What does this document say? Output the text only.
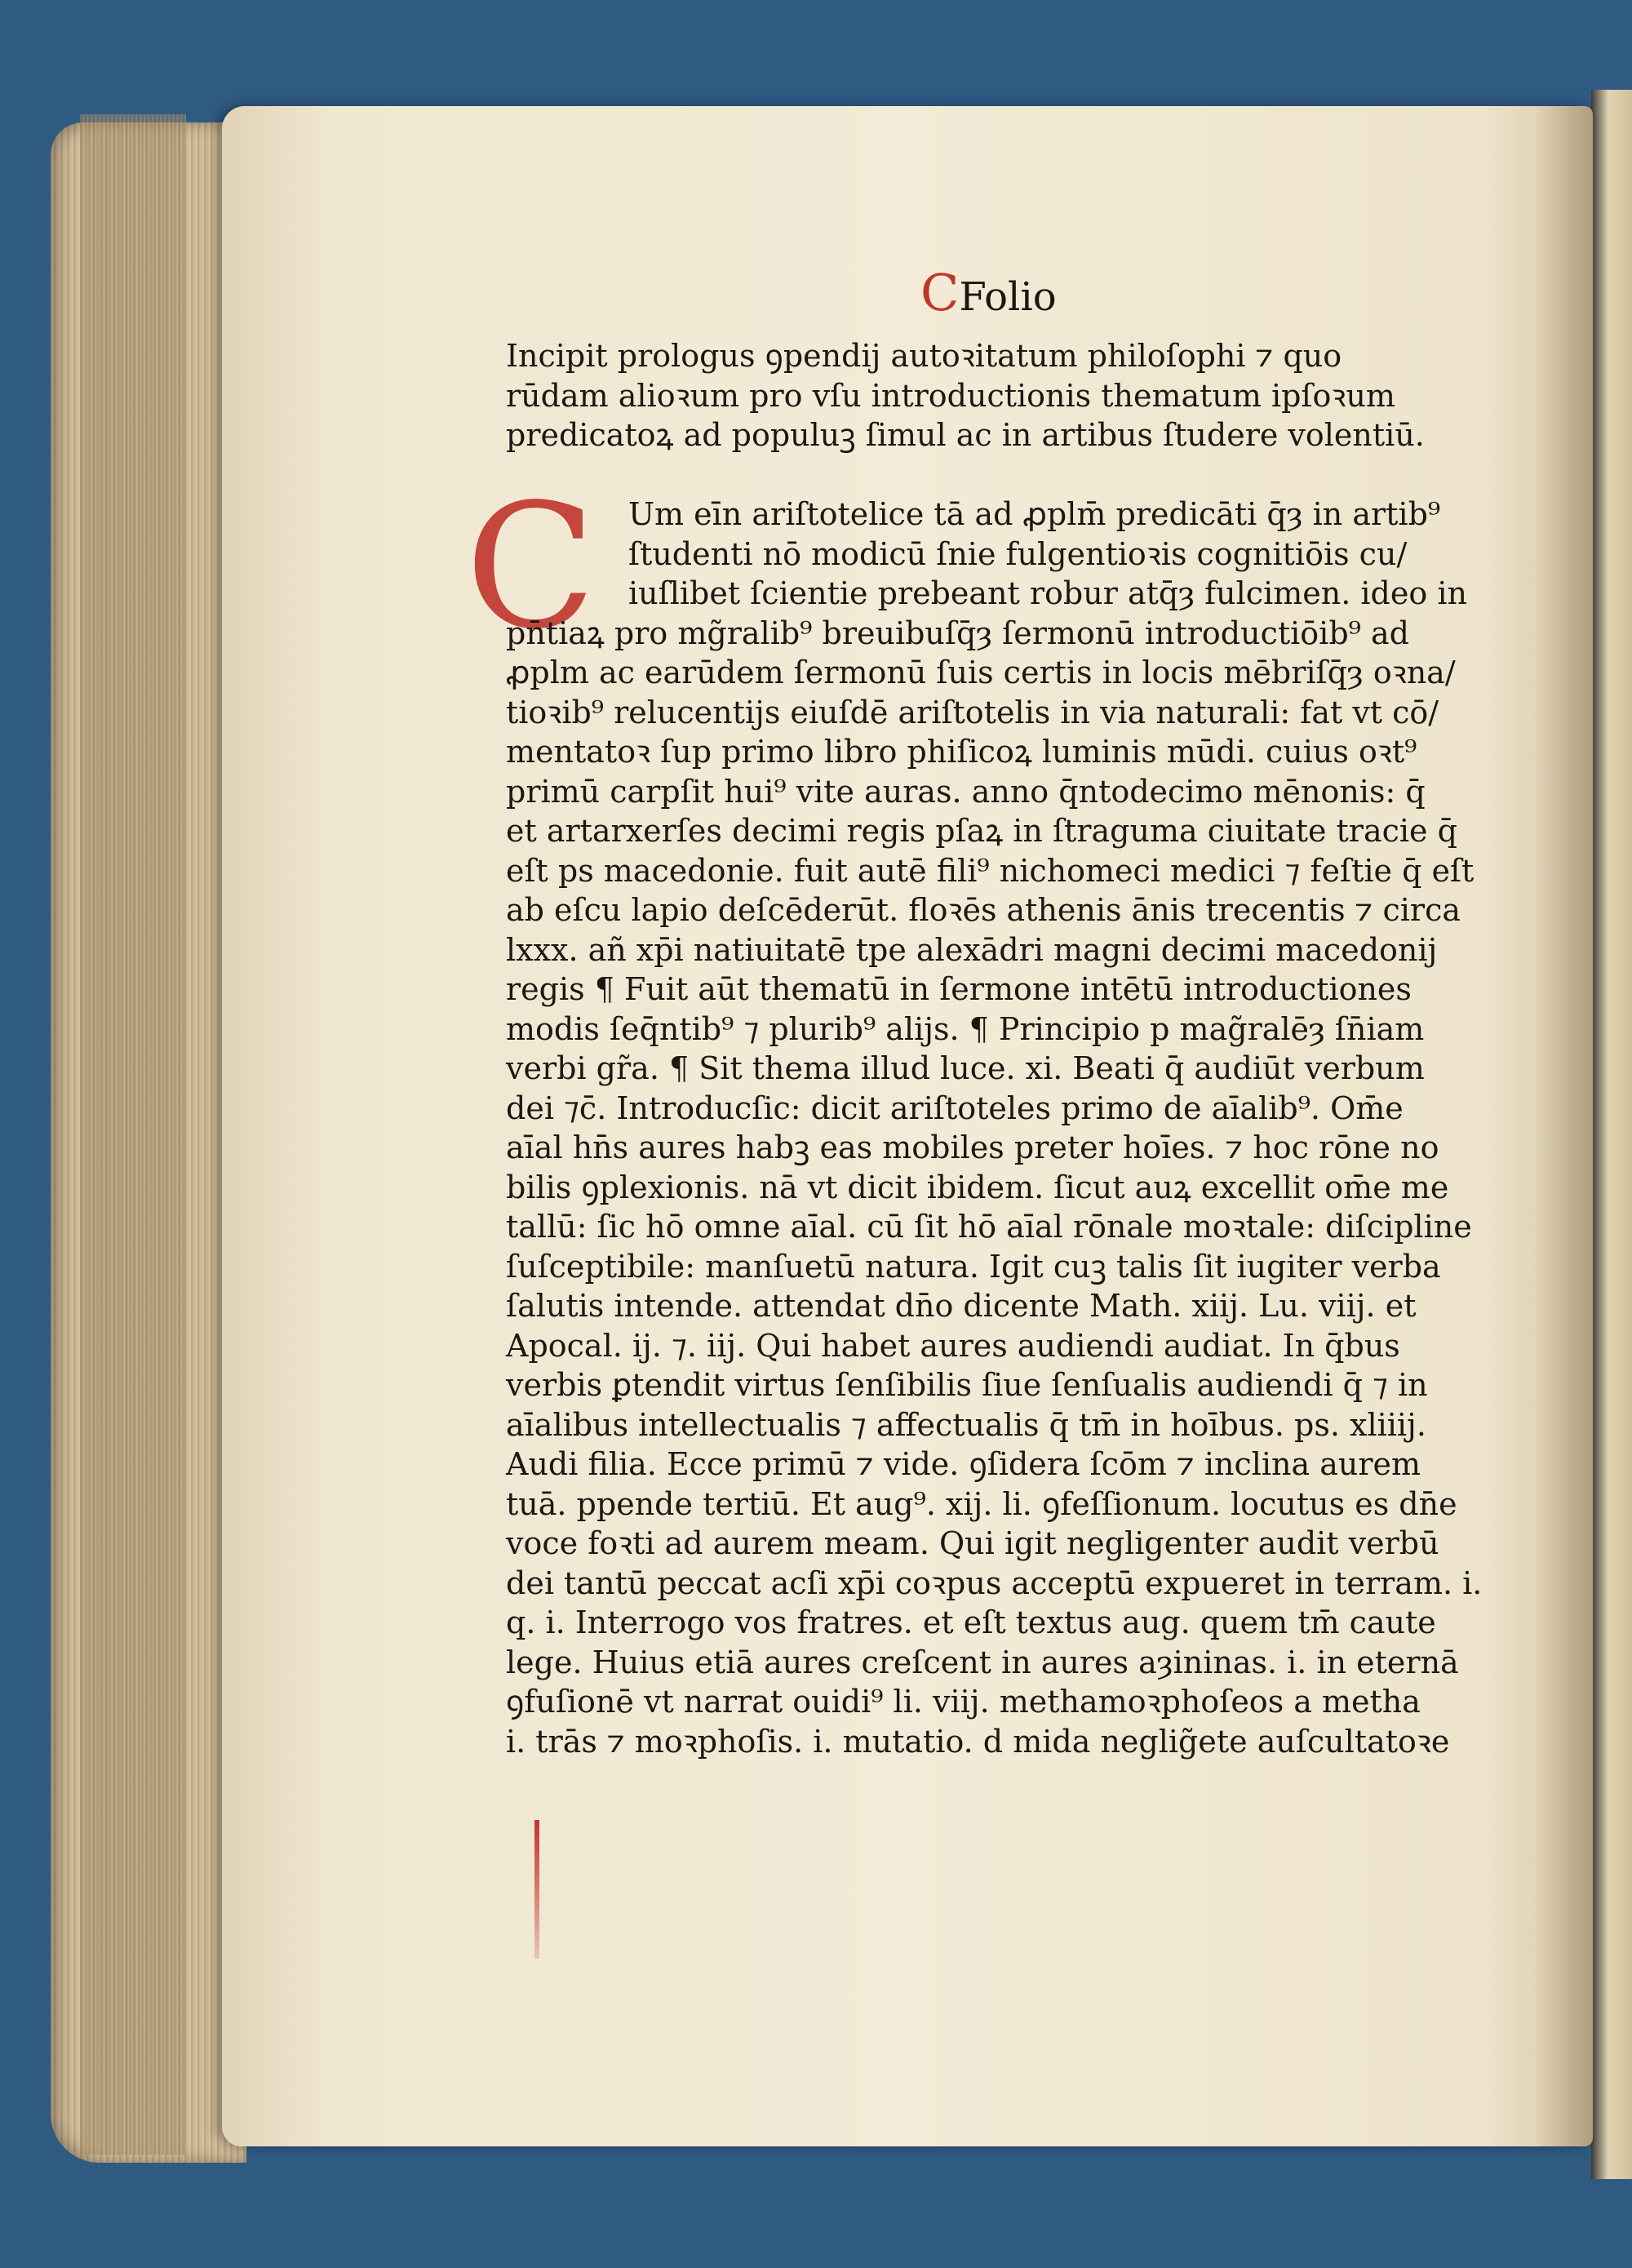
CFolio
C
Incipit prologus ꝯpendij autoꝛitatum philoſophi ⁊ quo
rūdam alioꝛum pro vſu introductionis thematum ipſoꝛum
predicatoꝝ ad populuꝫ ſimul ac in artibus ſtudere volentiū.
Um eīn ariſtotelice tā ad ꝓplm̄ predicāti q̄ȝ in artib⁹
ſtudenti nō modicū ſnie fulgentioꝛis cognitiōis cu/
iuſlibet ſcientie prebeant robur atq̄ȝ fulcimen. ideo in
pn̄tiaꝝ pro mg̃ralib⁹ breuibuſq̄ȝ ſermonū introductiōib⁹ ad
ꝓplm ac earūdem ſermonū ſuis certis in locis mēbriſq̄ȝ oꝛna/
tioꝛib⁹ relucentijs eiuſdē ariſtotelis in via naturali: fat vt cō/
mentatoꝛ ſup primo libro phiſicoꝝ luminis mūdi. cuius oꝛt⁹
primū carpſit hui⁹ vite auras. anno q̄ntodecimo mēnonis: q̄
et artarxerſes decimi regis pſaꝝ in ſtraguma ciuitate tracie q̄
eſt ps macedonie. fuit autē fili⁹ nichomeci medici ⁊ feſtie q̄ eſt
ab eſcu lapio deſcēderūt. floꝛēs athenis ānis trecentis ⁊ circa
lxxx. añ xp̄i natiuitatē tpe alexādri magni decimi macedonij
regis ¶ Fuit aūt thematū in ſermone intētū introductiones
modis ſeq̄ntib⁹ ⁊ plurib⁹ alijs. ¶ Principio p mag̃ralēȝ ſn̄iam
verbi gr̃a. ¶ Sit thema illud luce. xi. Beati q̄ audiūt verbum
dei ⁊c̄. Introducſic: dicit ariſtoteles primo de aīalib⁹. Om̄e
aīal hn̄s aures habꝫ eas mobiles preter hoīes. ⁊ hoc rōne no
bilis ꝯplexionis. nā vt dicit ibidem. ſicut auꝝ excellit om̄e me
tallū: ſic hō omne aīal. cū ſit hō aīal rōnale moꝛtale: diſcipline
ſuſceptibile: manſuetū natura. Igit cuꝫ talis ſit iugiter verba
ſalutis intende. attendat dn̄o dicente Math. xiij. Lu. viij. et
Apocal. ij. ⁊. iij. Qui habet aures audiendi audiat. In q̄bus
verbis ꝑtendit virtus ſenſibilis ſiue ſenſualis audiendi q̄ ⁊ in
aīalibus intellectualis ⁊ affectualis q̄ tm̄ in hoībus. ps. xliiij.
Audi filia. Ecce primū ⁊ vide. ꝯſidera ſcōm ⁊ inclina aurem
tuā. ppende tertiū. Et aug⁹. xij. li. ꝯfeſſionum. locutus es dn̄e
voce foꝛti ad aurem meam. Qui igit negligenter audit verbū
dei tantū peccat acſi xp̄i coꝛpus acceptū expueret in terram. i.
q. i. Interrogo vos fratres. et eſt textus aug. quem tm̄ caute
lege. Huius etiā aures creſcent in aures aȝininas. i. in eternā
ꝯfuſionē vt narrat ouidi⁹ li. viij. methamoꝛphoſeos a metha
i. trās ⁊ moꝛphoſis. i. mutatio. d mida neglig̃ete auſcultatoꝛe
